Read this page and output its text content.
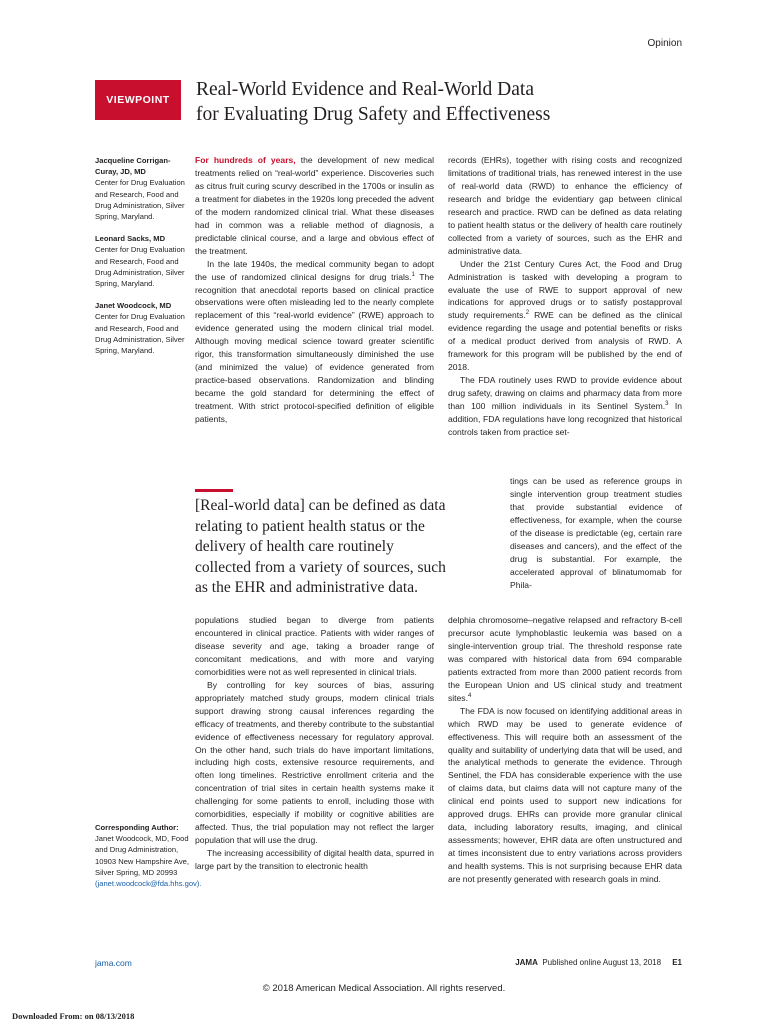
Opinion
VIEWPOINT	Real-World Evidence and Real-World Data
for Evaluating Drug Safety and Effectiveness
Jacqueline Corrigan-Curay, JD, MD
Center for Drug Evaluation and Research, Food and Drug Administration, Silver Spring, Maryland.
Leonard Sacks, MD
Center for Drug Evaluation and Research, Food and Drug Administration, Silver Spring, Maryland.
Janet Woodcock, MD
Center for Drug Evaluation and Research, Food and Drug Administration, Silver Spring, Maryland.
Corresponding Author: Janet Woodcock, MD, Food and Drug Administration, 10903 New Hampshire Ave, Silver Spring, MD 20993 (janet.woodcock@fda.hhs.gov).

For hundreds of years, the development of new medical treatments relied on “real-world” experience. Discoveries such as citrus fruit curing scurvy described in the 1700s or insulin as a treatment for diabetes in the 1920s long preceded the advent of the modern randomized clinical trial. What these diseases had in common was a reliable method of diagnosis, a predictable clinical course, and a large and obvious effect of the treatment.

In the late 1940s, the medical community began to adopt the use of randomized clinical designs for drug trials.$^1$ The recognition that anecdotal reports based on clinical practice observations were often misleading led to the nearly complete replacement of this “real-world evidence” (RWE) approach to evidence generated using the modern clinical trial model. Although moving medical science toward greater scientific rigor, this transformation simultaneously diminished the use (and minimized the value) of evidence generated from practice-based observations. Randomization and blinding became the gold standard for determining the effect of treatment. With strict protocol-specified definition of eligible patients,

records (EHRs), together with rising costs and recognized limitations of traditional trials, has renewed interest in the use of real-world data (RWD) to enhance the efficiency of research and bridge the evidentiary gap between clinical research and practice. RWD can be defined as data relating to patient health status or the delivery of health care routinely collected from a variety of sources, such as the EHR and administrative data.

Under the 21st Century Cures Act, the Food and Drug Administration is tasked with developing a program to evaluate the use of RWE to support approval of new indications for approved drugs or to satisfy postapproval study requirements.$^2$ RWE can be defined as the clinical evidence regarding the usage and potential benefits or risks of a medical product derived from analysis of RWD. A framework for this program will be published by the end of 2018.

The FDA routinely uses RWD to provide evidence about drug safety, drawing on claims and pharmacy data from more than 100 million individuals in its Sentinel System.$^3$ In addition, FDA regulations have long recognized that historical controls taken from practice set-

[Real-world data] can be defined as data
relating to patient health status or the
delivery of health care routinely
collected from a variety of sources, such
as the EHR and administrative data.

tings can be used as reference groups in single intervention group treatment studies that provide substantial evidence of effectiveness, for example, when the course of the disease is predictable (eg, certain rare diseases and cancers), and the effect of the drug is substantial. For example, the accelerated approval of blinatumomab for Phila-

populations studied began to diverge from patients encountered in clinical practice. Patients with wider ranges of disease severity and age, taking a broader range of concomitant medications, and with more and varying comorbidities were not as well represented in clinical trials.

By controlling for key sources of bias, assuring appropriately matched study groups, modern clinical trials support drawing strong causal inferences regarding the efficacy of treatments, and thereby contribute to the substantial evidence of effectiveness necessary for regulatory approval. On the other hand, such trials do have important limitations, including high costs, extensive resource requirements, and often long timelines. Restrictive enrollment criteria and the concentration of trial sites in certain health systems make it challenging for some patients to enroll, including those with comorbidities, especially if mobility or cognitive abilities are affected. Thus, the trial population may not reflect the larger population that will use the drug.

The increasing accessibility of digital health data, spurred in large part by the transition to electronic health

delphia chromosome–negative relapsed and refractory B-cell precursor acute lymphoblastic leukemia was based on a single-intervention group trial. The threshold response rate was compared with historical data from 694 comparable patients extracted from more than 2000 patient records from the European Union and US clinical study and treatment sites.$^4$

The FDA is now focused on identifying additional areas in which RWD may be used to generate evidence of effectiveness. This will require both an assessment of the quality and suitability of underlying data that will be used, and the analytical methods to generate the evidence. Through Sentinel, the FDA has considerable experience with the use of claims data, but claims data will not capture many of the clinical end points used to support new indications for approved drugs. EHRs can provide more granular clinical data, including laboratory results, imaging, and clinical assessments; however, EHR data are often unstructured and at times inconsistent due to entry variations across providers and health systems. This is not surprising because EHR data are not presently generated with research goals in mind.

jama.com	JAMA Published online August 13, 2018 E1
© 2018 American Medical Association. All rights reserved.
Downloaded From: on 08/13/2018
